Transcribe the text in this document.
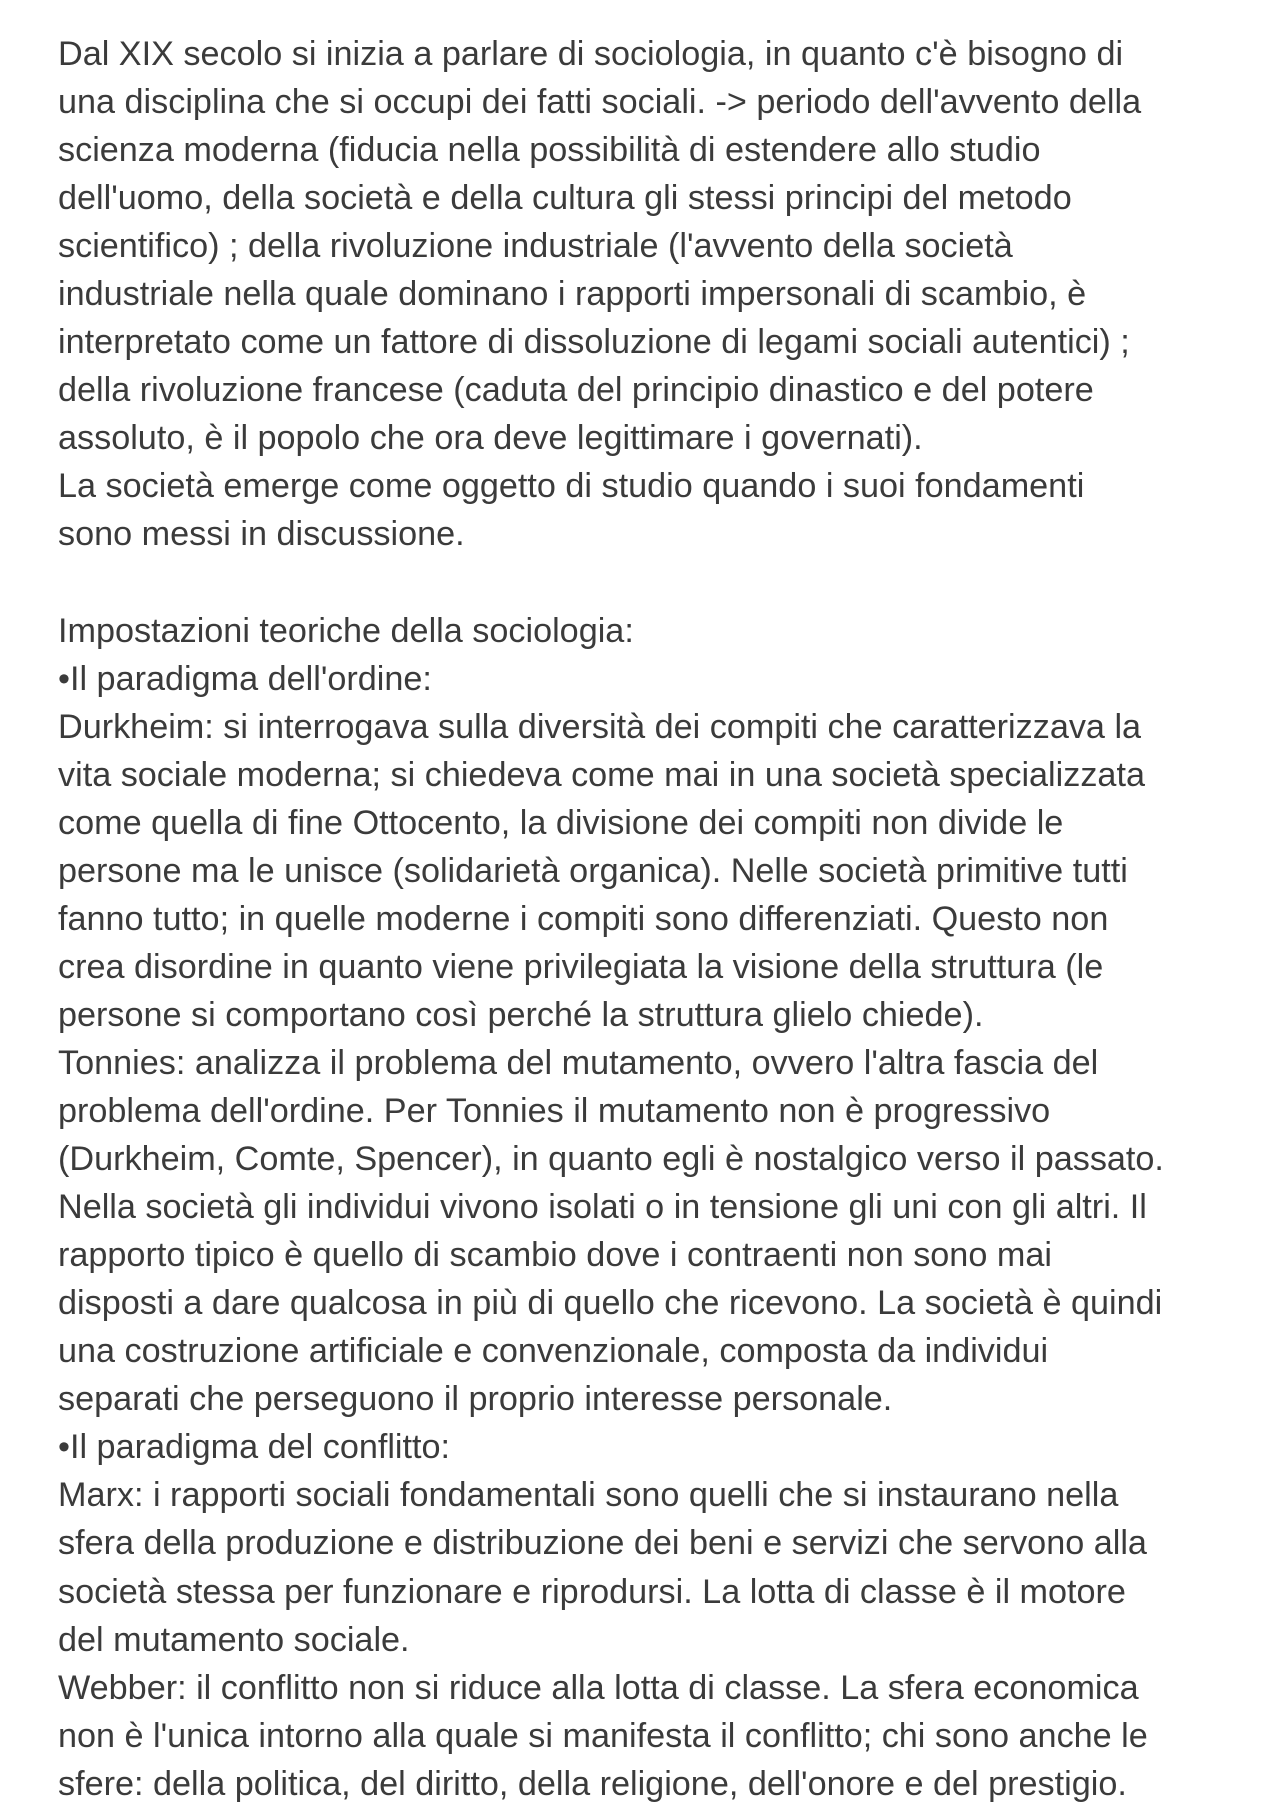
Dal XIX secolo si inizia a parlare di sociologia, in quanto c'è bisogno di
una disciplina che si occupi dei fatti sociali. -> periodo dell'avvento della
scienza moderna (fiducia nella possibilità di estendere allo studio
dell'uomo, della società e della cultura gli stessi principi del metodo
scientifico) ; della rivoluzione industriale (l'avvento della società
industriale nella quale dominano i rapporti impersonali di scambio, è
interpretato come un fattore di dissoluzione di legami sociali autentici) ;
della rivoluzione francese (caduta del principio dinastico e del potere
assoluto, è il popolo che ora deve legittimare i governati).
La società emerge come oggetto di studio quando i suoi fondamenti
sono messi in discussione.
Impostazioni teoriche della sociologia:
•Il paradigma dell'ordine:
Durkheim: si interrogava sulla diversità dei compiti che caratterizzava la
vita sociale moderna; si chiedeva come mai in una società specializzata
come quella di fine Ottocento, la divisione dei compiti non divide le
persone ma le unisce (solidarietà organica). Nelle società primitive tutti
fanno tutto; in quelle moderne i compiti sono differenziati. Questo non
crea disordine in quanto viene privilegiata la visione della struttura (le
persone si comportano così perché la struttura glielo chiede).
Tonnies: analizza il problema del mutamento, ovvero l'altra fascia del
problema dell'ordine. Per Tonnies il mutamento non è progressivo
(Durkheim, Comte, Spencer), in quanto egli è nostalgico verso il passato.
Nella società gli individui vivono isolati o in tensione gli uni con gli altri. Il
rapporto tipico è quello di scambio dove i contraenti non sono mai
disposti a dare qualcosa in più di quello che ricevono. La società è quindi
una costruzione artificiale e convenzionale, composta da individui
separati che perseguono il proprio interesse personale.
•Il paradigma del conflitto:
Marx: i rapporti sociali fondamentali sono quelli che si instaurano nella
sfera della produzione e distribuzione dei beni e servizi che servono alla
società stessa per funzionare e riprodursi. La lotta di classe è il motore
del mutamento sociale.
Webber: il conflitto non si riduce alla lotta di classe. La sfera economica
non è l'unica intorno alla quale si manifesta il conflitto; chi sono anche le
sfere: della politica, del diritto, della religione, dell'onore e del prestigio.
